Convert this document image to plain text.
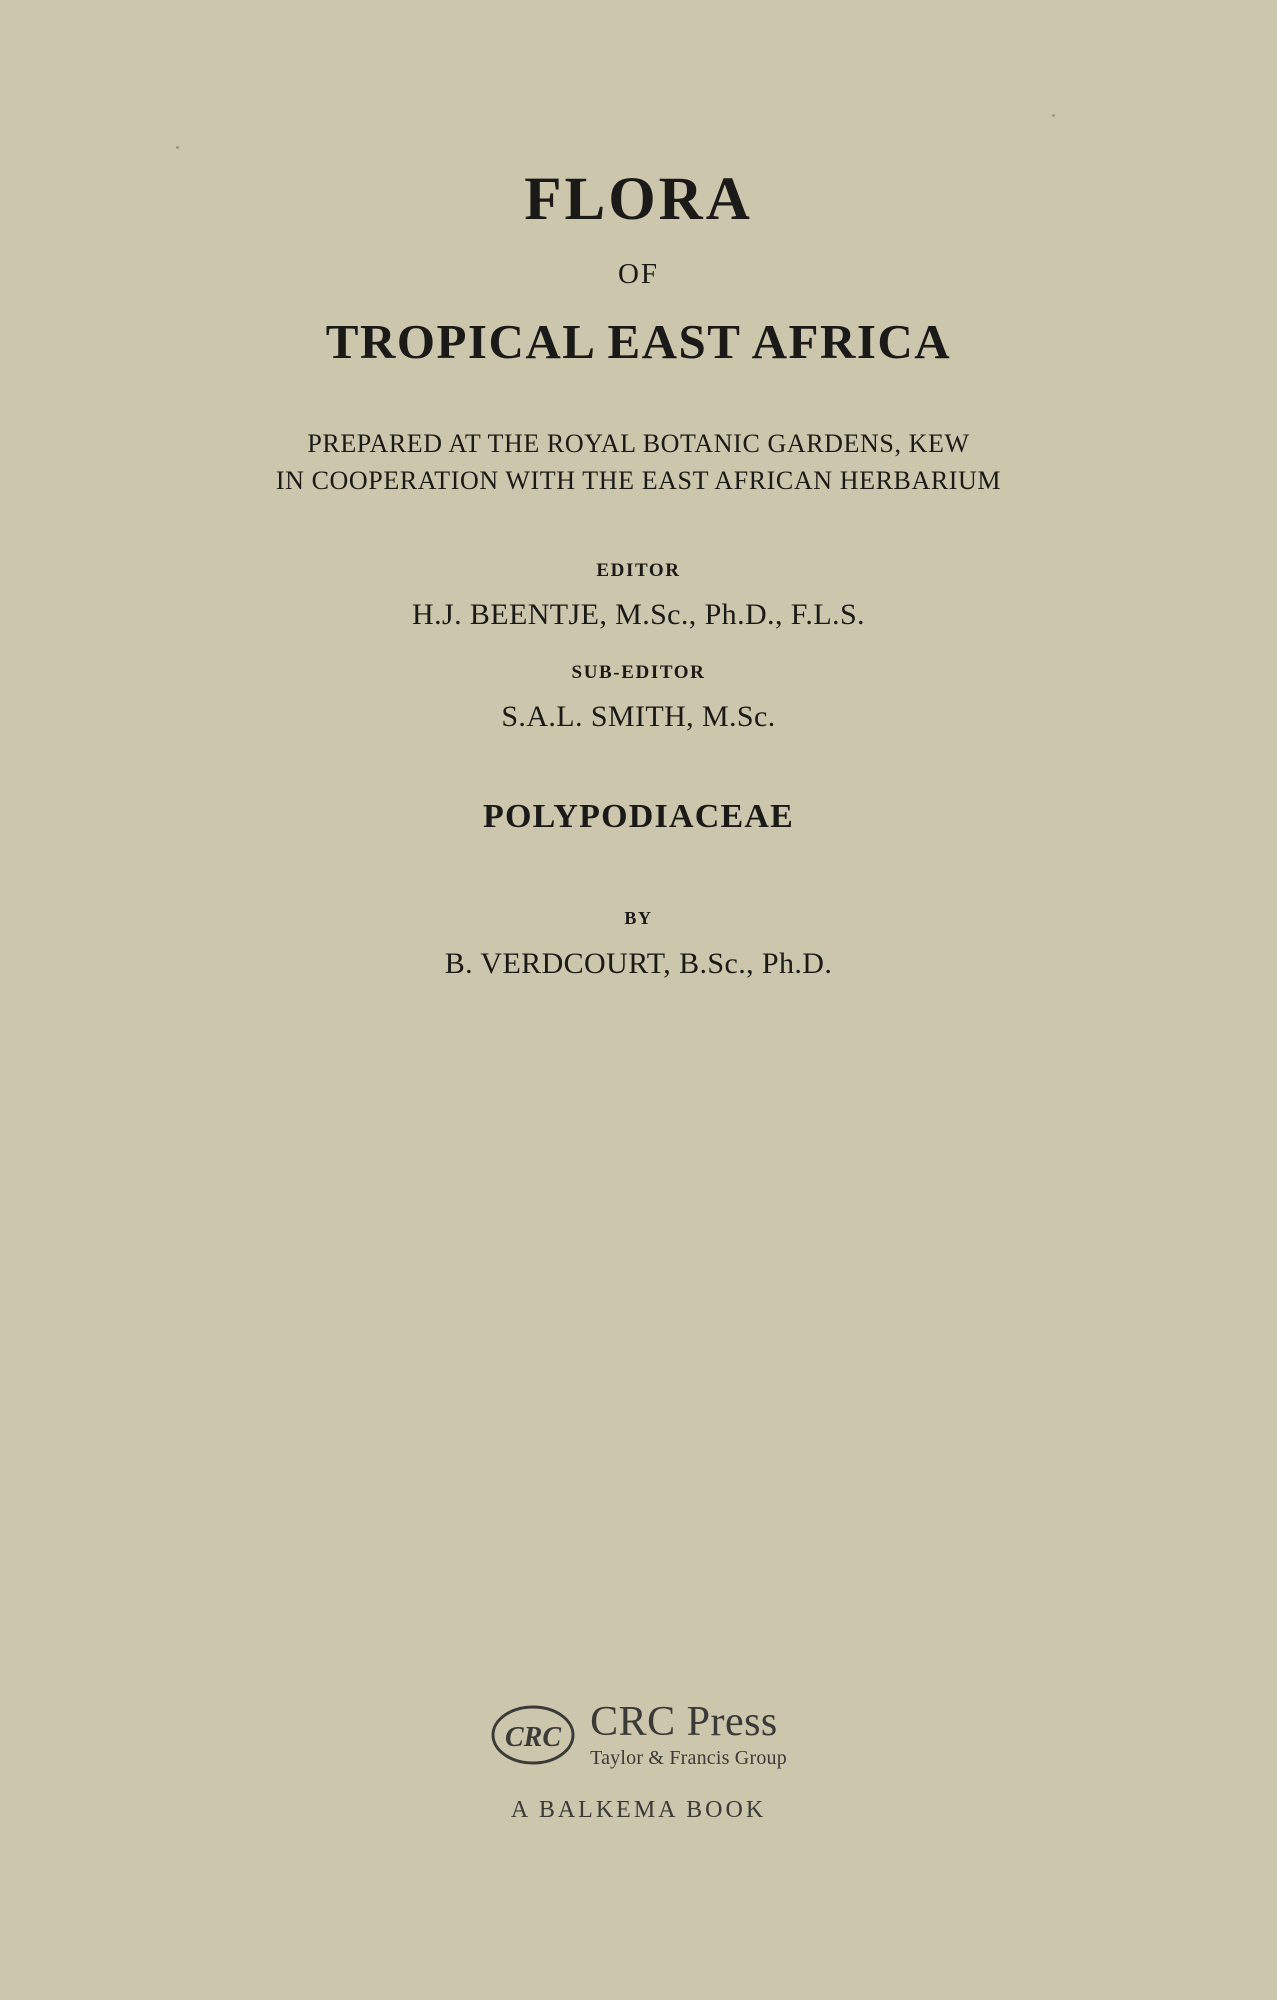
FLORA
OF
TROPICAL EAST AFRICA
PREPARED AT THE ROYAL BOTANIC GARDENS, KEW
IN COOPERATION WITH THE EAST AFRICAN HERBARIUM
EDITOR
H.J. BEENTJE, M.Sc., Ph.D., F.L.S.
SUB-EDITOR
S.A.L. SMITH, M.Sc.
POLYPODIACEAE
BY
B. VERDCOURT, B.Sc., Ph.D.
CRC CRC Press
Taylor & Francis Group
A BALKEMA BOOK
